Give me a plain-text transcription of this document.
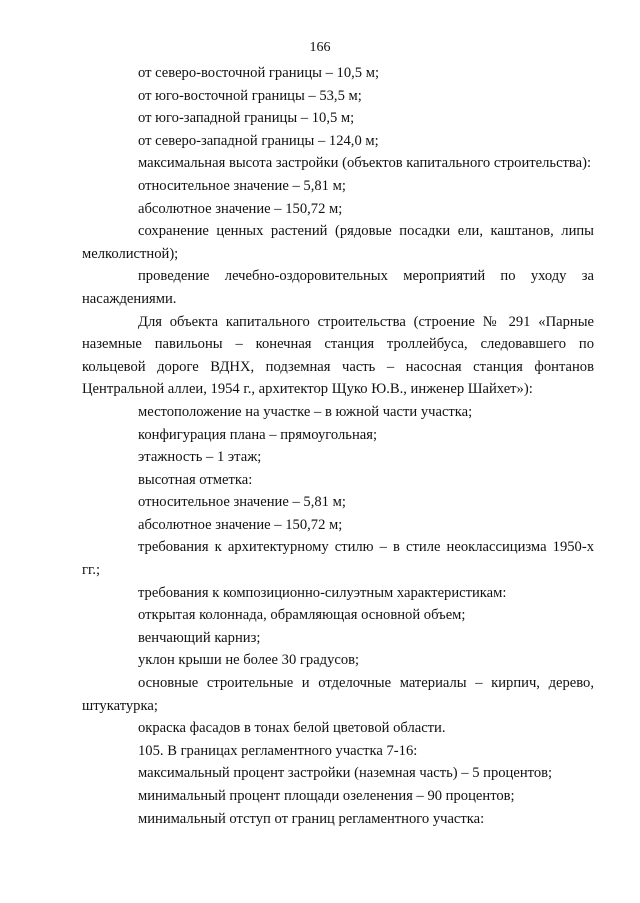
166

от северо-восточной границы – 10,5 м;

от юго-восточной границы – 53,5 м;

от юго-западной границы – 10,5 м;

от северо-западной границы – 124,0 м;

максимальная высота застройки (объектов капитального строительства):

относительное значение – 5,81 м;

абсолютное значение – 150,72 м;

сохранение ценных растений (рядовые посадки ели, каштанов, липы мелколистной);

проведение лечебно-оздоровительных мероприятий по уходу за насаждениями.

Для объекта капитального строительства (строение № 291 «Парные наземные павильоны – конечная станция троллейбуса, следовавшего по кольцевой дороге ВДНХ, подземная часть – насосная станция фонтанов Центральной аллеи, 1954 г., архитектор Щуко Ю.В., инженер Шайхет»):

местоположение на участке – в южной части участка;

конфигурация плана – прямоугольная;

этажность – 1 этаж;

высотная отметка:

относительное значение – 5,81 м;

абсолютное значение – 150,72 м;

требования к архитектурному стилю – в стиле неоклассицизма 1950-х гг.;

требования к композиционно-силуэтным характеристикам:

открытая колоннада, обрамляющая основной объем;

венчающий карниз;

уклон крыши не более 30 градусов;

основные строительные и отделочные материалы – кирпич, дерево, штукатурка;

окраска фасадов в тонах белой цветовой области.

105. В границах регламентного участка 7-16:

максимальный процент застройки (наземная часть) – 5 процентов;

минимальный процент площади озеленения – 90 процентов;

минимальный отступ от границ регламентного участка:
